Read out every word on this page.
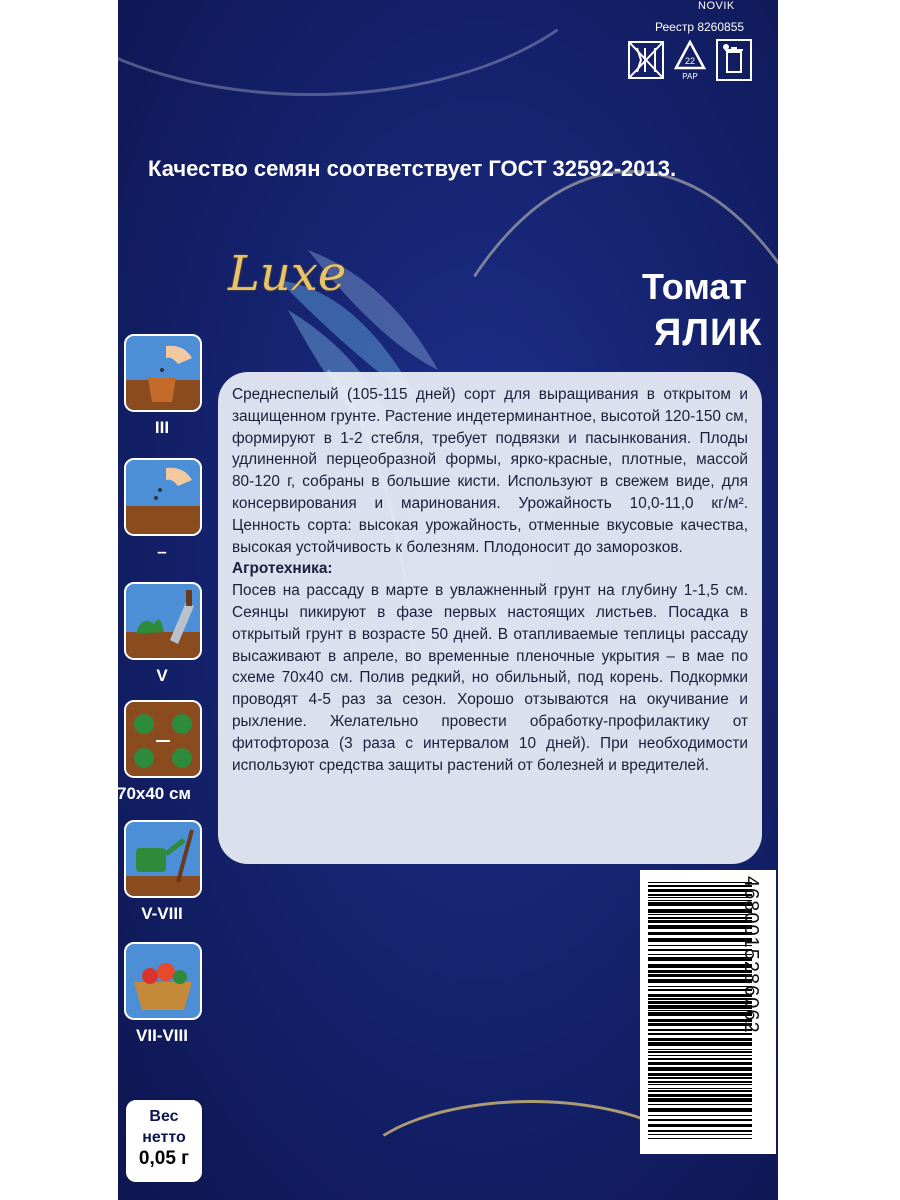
NOVIK
Реестр 8260855
22
PAP
Качество семян соответствует ГОСТ 32592-2013.
Luxe	Томат
ЯЛИК

Среднеспелый (105-115 дней) сорт для выращивания в открытом и защищенном грунте. Растение индетерминантное, высотой 120-150 см, формируют в 1-2 стебля, требует подвязки и пасынкования. Плоды удлиненной перцеобразной формы, ярко-красные, плотные, массой 80-120 г, собраны в большие кисти. Используют в свежем виде, для консервирования и маринования. Урожайность 10,0-11,0 кг/м². Ценность сорта: высокая урожайность, отменные вкусовые качества, высокая устойчивость к болезням. Плодоносит до заморозков.

Агротехника:

Посев на рассаду в марте в увлажненный грунт на глубину 1-1,5 см. Сеянцы пикируют в фазе первых настоящих листьев. Посадка в открытый грунт в возрасте 50 дней. В отапливаемые теплицы рассаду высаживают в апреле, во временные пленочные укрытия – в мае по схеме 70x40 см. Полив редкий, но обильный, под корень. Подкормки проводят 4-5 раз за сезон. Хорошо отзываются на окучивание и рыхление. Желательно провести обработку-профилактику от фитофтороза (3 раза с интервалом 10 дней). При необходимости используют средства защиты растений от болезней и вредителей.

4680015286062
III
–
V
70x40 см
V-VIII
VII-VIII
Вес
нетто
0,05 г
